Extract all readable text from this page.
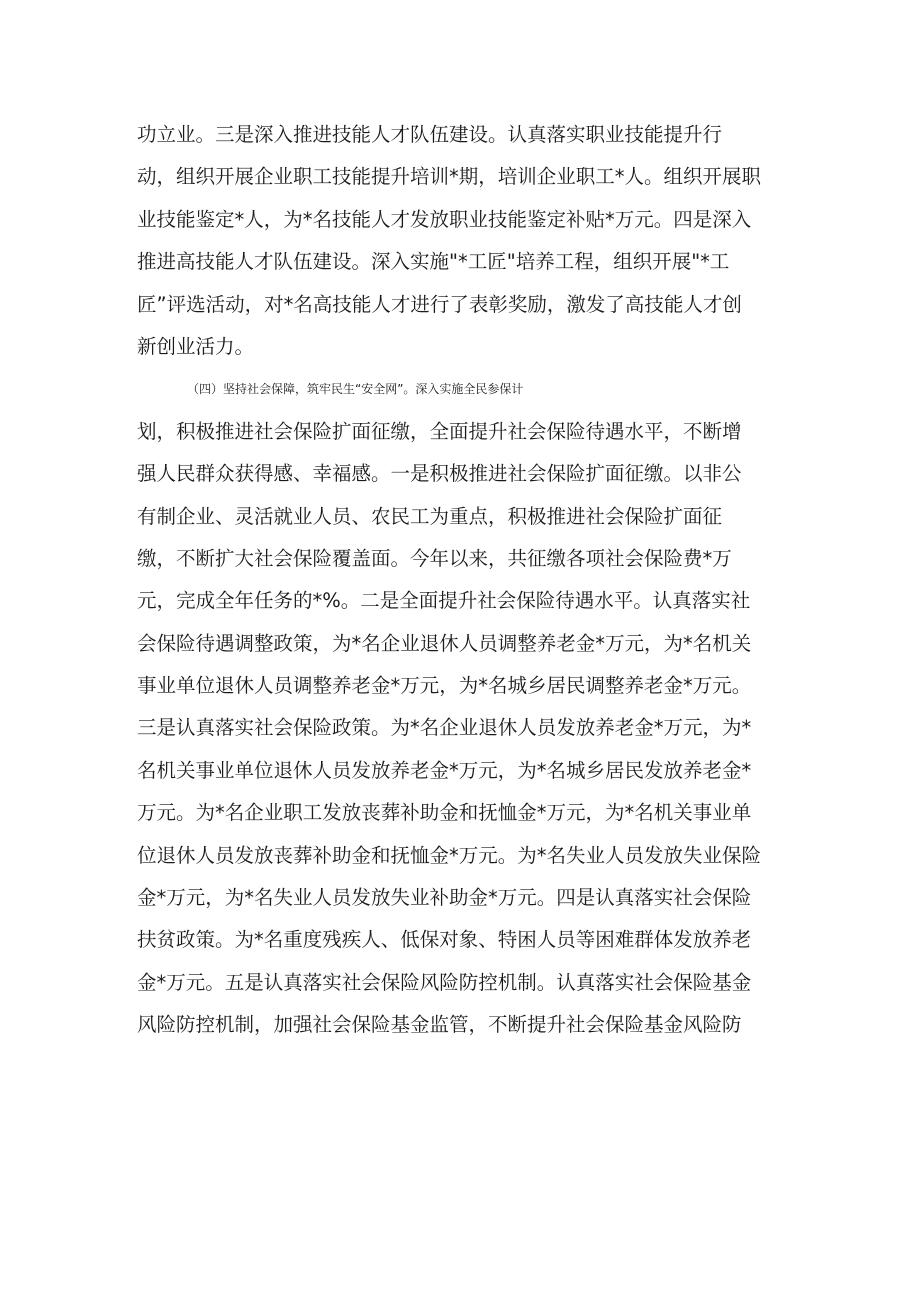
功立业。三是深入推进技能人才队伍建设。认真落实职业技能提升行
动，组织开展企业职工技能提升培训*期，培训企业职工*人。组织开展职
业技能鉴定*人，为*名技能人才发放职业技能鉴定补贴*万元。四是深入
推进高技能人才队伍建设。深入实施"*工匠"培养工程，组织开展"*工
匠”评选活动，对*名高技能人才进行了表彰奖励，激发了高技能人才创
新创业活力。
（四）坚持社会保障，筑牢民生“安全网”。深入实施全民参保计
划，积极推进社会保险扩面征缴，全面提升社会保险待遇水平，不断增
强人民群众获得感、幸福感。一是积极推进社会保险扩面征缴。以非公
有制企业、灵活就业人员、农民工为重点，积极推进社会保险扩面征
缴，不断扩大社会保险覆盖面。今年以来，共征缴各项社会保险费*万
元，完成全年任务的*%。二是全面提升社会保险待遇水平。认真落实社
会保险待遇调整政策，为*名企业退休人员调整养老金*万元，为*名机关
事业单位退休人员调整养老金*万元，为*名城乡居民调整养老金*万元。
三是认真落实社会保险政策。为*名企业退休人员发放养老金*万元，为*
名机关事业单位退休人员发放养老金*万元，为*名城乡居民发放养老金*
万元。为*名企业职工发放丧葬补助金和抚恤金*万元，为*名机关事业单
位退休人员发放丧葬补助金和抚恤金*万元。为*名失业人员发放失业保险
金*万元，为*名失业人员发放失业补助金*万元。四是认真落实社会保险
扶贫政策。为*名重度残疾人、低保对象、特困人员等困难群体发放养老
金*万元。五是认真落实社会保险风险防控机制。认真落实社会保险基金
风险防控机制，加强社会保险基金监管，不断提升社会保险基金风险防
